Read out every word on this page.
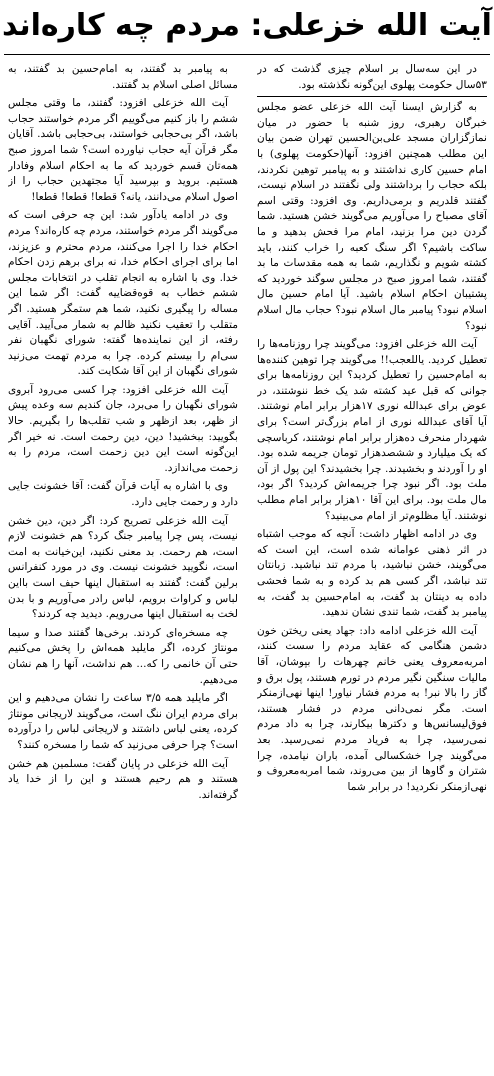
آیت الله خزعلی: مردم چه کاره‌اند

در این سه‌سال بر اسلام چیزی گذشت که در ۵۳سال حکومت پهلوی این‌گونه نگذشته بود.

به گزارش ایسنا آیت الله خزعلی عضو مجلس خبرگان رهبری، روز شنبه با حضور در میان نمازگزاران مسجد علی‌بن‌الحسین تهران ضمن بیان این مطلب همچنین افزود: آنها(حکومت پهلوی) با امام حسین کاری نداشتند و به پیامبر توهین نکردند، بلکه حجاب را برداشتند ولی نگفتند در اسلام نیست، گفتند قلدریم و برمی‌داریم. وی افزود: وقتی اسم آقای مصباح را می‌آوریم می‌گویند خشن هستید. شما گردن دین مرا بزنید، امام مرا فحش بدهید و ما ساکت باشیم؟ اگر سنگ کعبه را خراب کنند، باید کشته شویم و نگذاریم، شما به همه مقدسات ما بد گفتند، شما امروز صبح در مجلس سوگند خوردید که پشتیبان احکام اسلام باشید. آیا امام حسین مال اسلام نبود؟ پیامبر مال اسلام نبود؟ حجاب مال اسلام نبود؟

آیت الله خزعلی افزود: می‌گویند چرا روزنامه‌ها را تعطیل کردید. یاللعجب!! می‌گویند چرا توهین کننده‌ها به امام‌حسین را تعطیل کردید؟ این روزنامه‌ها برای جوانی که قبل عید کشته شد یک خط ننوشتند، در عوض برای عبدالله نوری ۱۷هزار برابر امام نوشتند. آیا آقای عبدالله نوری از امام بزرگ‌تر است؟ برای شهردار منحرف ده‌هزار برابر امام نوشتند، کرباسچی که یک میلیارد و ششصدهزار تومان جریمه شده بود. او را آوردند و بخشیدند. چرا بخشیدند؟ این پول از آن ملت بود. اگر نبود چرا جریمه‌اش کردید؟ اگر بود، مال ملت بود. برای این آقا ۱۰هزار برابر امام مطلب نوشتند. آیا مظلوم‌تر از امام می‌بینید؟

وی در ادامه اظهار داشت: آنچه که موجب اشتباه در اثر ذهنی عوامانه شده است، این است که می‌گویند، خشن نباشید، با مردم تند نباشید. زبانتان تند نباشد، اگر کسی هم بد کرده و به شما فحشی داده به دینتان بد گفت، به امام‌حسین بد گفت، به پیامبر بد گفت، شما تندی نشان ندهید.

آیت الله خزعلی ادامه داد: جهاد یعنی ریختن خون دشمن هنگامی که عقاید مردم را سست کنند، امربه‌معروف یعنی خانم چهرهات را بپوشان، آقا مالیات سنگین نگیر مردم در تورم هستند، پول برق و گاز را بالا نبر! به مردم فشار نیاور! اینها نهی‌ازمنکر است. مگر نمی‌دانی مردم در فشار هستند، فوق‌لیسانس‌ها و دکترها بیکارند، چرا به داد مردم نمی‌رسید، چرا به فریاد مردم نمی‌رسید. بعد می‌گویند چرا خشکسالی آمده، باران نیامده، چرا شتران و گاوها از بین می‌روند، شما امربه‌معروف و نهی‌ازمنکر نکردید! در برابر شما

به پیامبر بد گفتند، به امام‌حسین بد گفتند، به مسائل اصلی اسلام بد گفتند.

آیت الله خزعلی افزود: گفتند، ما وقتی مجلس ششم را باز کنیم می‌گوییم اگر مردم خواستند حجاب باشد، اگر بی‌حجابی خواستند، بی‌حجابی باشد. آقایان مگر قرآن آیه حجاب نیاورده است؟ شما امروز صبح همه‌تان قسم خوردید که ما به احکام اسلام وفادار هستیم. بروید و بپرسید آیا مجتهدین حجاب را از اصول اسلام می‌دانند، یانه؟ قطعا! قطعا! قطعا!

وی در ادامه یادآور شد: این چه حرفی است که می‌گویند اگر مردم خواستند، مردم چه کاره‌اند؟ مردم احکام خدا را اجرا می‌کنند، مردم محترم و عزیزند، اما برای اجرای احکام خدا، نه برای برهم زدن احکام خدا. وی با اشاره به انجام تقلب در انتخابات مجلس ششم خطاب به قوه‌قضاییه گفت: اگر شما این مساله را پیگیری نکنید، شما هم ستمگر هستید. اگر متقلب را تعقیب نکنید ظالم به شمار می‌آیید. آقایی رفته، از این نماینده‌ها گفته: شورای نگهبان نفر سی‌ام را بیستم کرده. چرا به مردم تهمت می‌زنید شورای نگهبان از این آقا شکایت کند.

آیت الله خزعلی افزود: چرا کسی می‌رود آبروی شورای نگهبان را می‌برد، جان کندیم سه وعده پیش از ظهر، بعد ازظهر و شب تقلب‌ها را بگیریم. حالا بگویید: ببخشید! دین، دین رحمت است. نه خیر اگر این‌گونه است این دین زحمت است، مردم را به زحمت می‌اندازد.

وی با اشاره به آیات قرآن گفت: آقا خشونت جایی دارد و رحمت جایی دارد.

آیت الله خزعلی تصریح کرد: اگر دین، دین خشن نیست، پس چرا پیامبر جنگ کرد؟ هم خشونت لازم است، هم رحمت. بد معنی نکنید، این‌خیانت به امت است، نگویید خشونت نیست. وی در مورد کنفرانس برلین گفت: گفتند به استقبال اینها حیف است بااین لباس و کراوات برویم، لباس رادر می‌آوریم و با بدن لخت به استقبال اینها می‌رویم. دیدید چه کردند؟

چه مسخره‌ای کردند. برخی‌ها گفتند صدا و سیما مونتاژ کرده، اگر مایلید همه‌اش را پخش می‌کنیم حتی آن خانمی را که... هم نداشت، آنها را هم نشان می‌دهیم.

اگر مایلید همه ۳/۵ ساعت را نشان می‌دهیم و این برای مردم ایران ننگ است، می‌گویند لاریجانی مونتاژ کرده، یعنی لباس داشتند و لاریجانی لباس را درآورده است؟ چرا حرفی می‌زنید که شما را مسخره کنند؟

آیت الله خزعلی در پایان گفت: مسلمین هم خشن هستند و هم رحیم هستند و این را از خدا یاد گرفته‌اند.
